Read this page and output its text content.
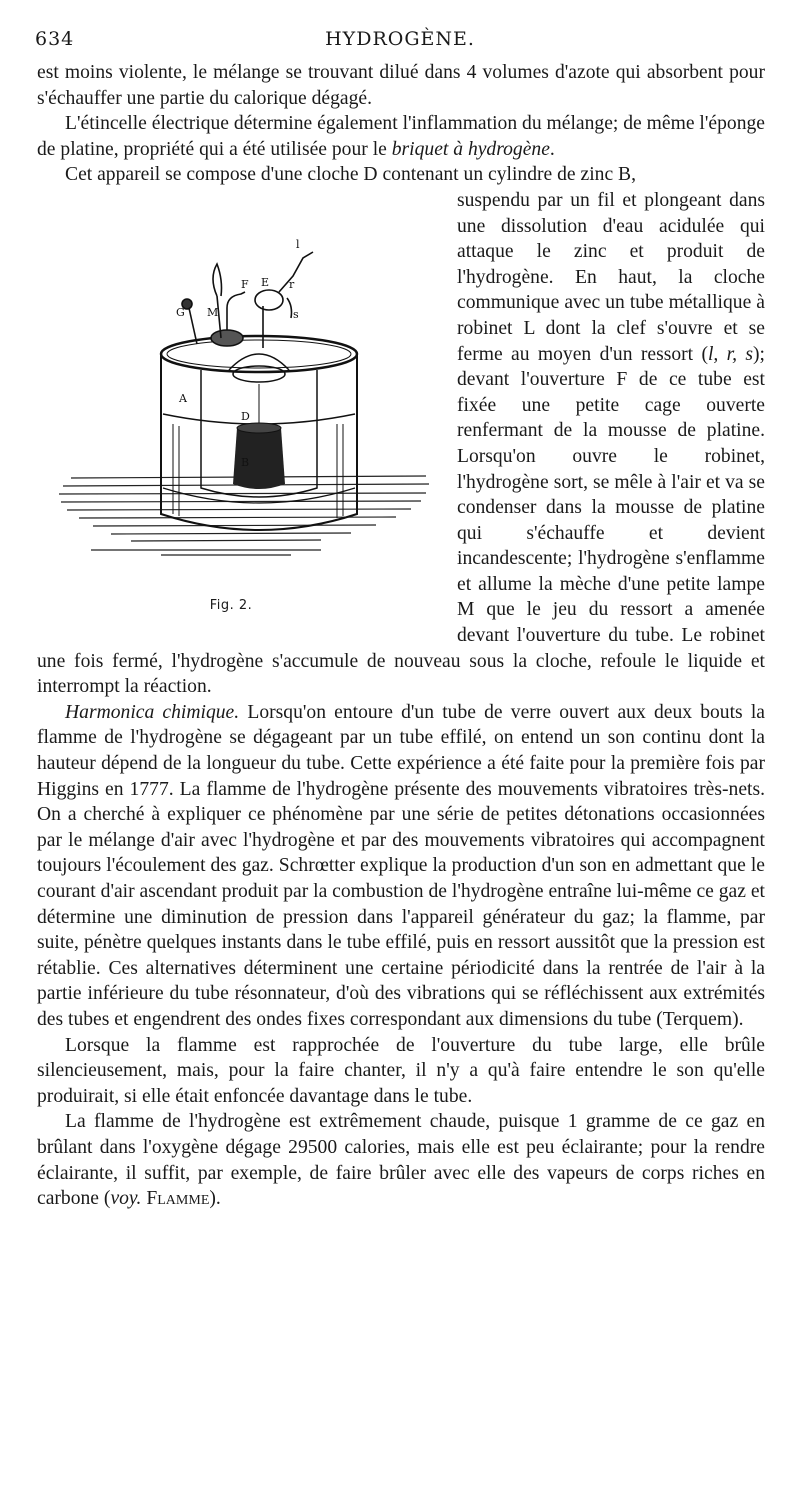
634	HYDROGÈNE.

est moins violente, le mélange se trouvant dilué dans 4 volumes d'azote qui absorbent pour s'échauffer une partie du calorique dégagé.

L'étincelle électrique détermine également l'inflammation du mélange; de même l'éponge de platine, propriété qui a été utilisée pour le briquet à hydrogène.

Cet appareil se compose d'une cloche D contenant un cylindre de zinc B,

l
F E r
s
G M
A
D
B
Fig. 2.

suspendu par un fil et plongeant dans une dissolution d'eau acidulée qui attaque le zinc et produit de l'hydrogène. En haut, la cloche communique avec un tube métallique à robinet L dont la clef s'ouvre et se ferme au moyen d'un ressort (l, r, s); devant l'ouverture F de ce tube est fixée une petite cage ouverte renfermant de la mousse de platine. Lorsqu'on ouvre le robinet, l'hydrogène sort, se mêle à l'air et va se condenser dans la mousse de platine qui s'échauffe et devient incandescente; l'hydrogène s'enflamme et allume la mèche d'une petite lampe M que le jeu du ressort a amenée devant l'ouverture du tube. Le robinet une fois fermé, l'hydrogène s'accumule de nouveau sous la cloche, refoule le liquide et interrompt la réaction.

Harmonica chimique. Lorsqu'on entoure d'un tube de verre ouvert aux deux bouts la flamme de l'hydrogène se dégageant par un tube effilé, on entend un son continu dont la hauteur dépend de la longueur du tube. Cette expérience a été faite pour la première fois par Higgins en 1777. La flamme de l'hydrogène présente des mouvements vibratoires très-nets. On a cherché à expliquer ce phénomène par une série de petites détonations occasionnées par le mélange d'air avec l'hydrogène et par des mouvements vibratoires qui accompagnent toujours l'écoulement des gaz. Schrœtter explique la production d'un son en admettant que le courant d'air ascendant produit par la combustion de l'hydrogène entraîne lui-même ce gaz et détermine une diminution de pression dans l'appareil générateur du gaz; la flamme, par suite, pénètre quelques instants dans le tube effilé, puis en ressort aussitôt que la pression est rétablie. Ces alternatives déterminent une certaine périodicité dans la rentrée de l'air à la partie inférieure du tube résonnateur, d'où des vibrations qui se réfléchissent aux extrémités des tubes et engendrent des ondes fixes correspondant aux dimensions du tube (Terquem).

Lorsque la flamme est rapprochée de l'ouverture du tube large, elle brûle silencieusement, mais, pour la faire chanter, il n'y a qu'à faire entendre le son qu'elle produirait, si elle était enfoncée davantage dans le tube.

La flamme de l'hydrogène est extrêmement chaude, puisque 1 gramme de ce gaz en brûlant dans l'oxygène dégage 29500 calories, mais elle est peu éclairante; pour la rendre éclairante, il suffit, par exemple, de faire brûler avec elle des vapeurs de corps riches en carbone (voy. Flamme).
